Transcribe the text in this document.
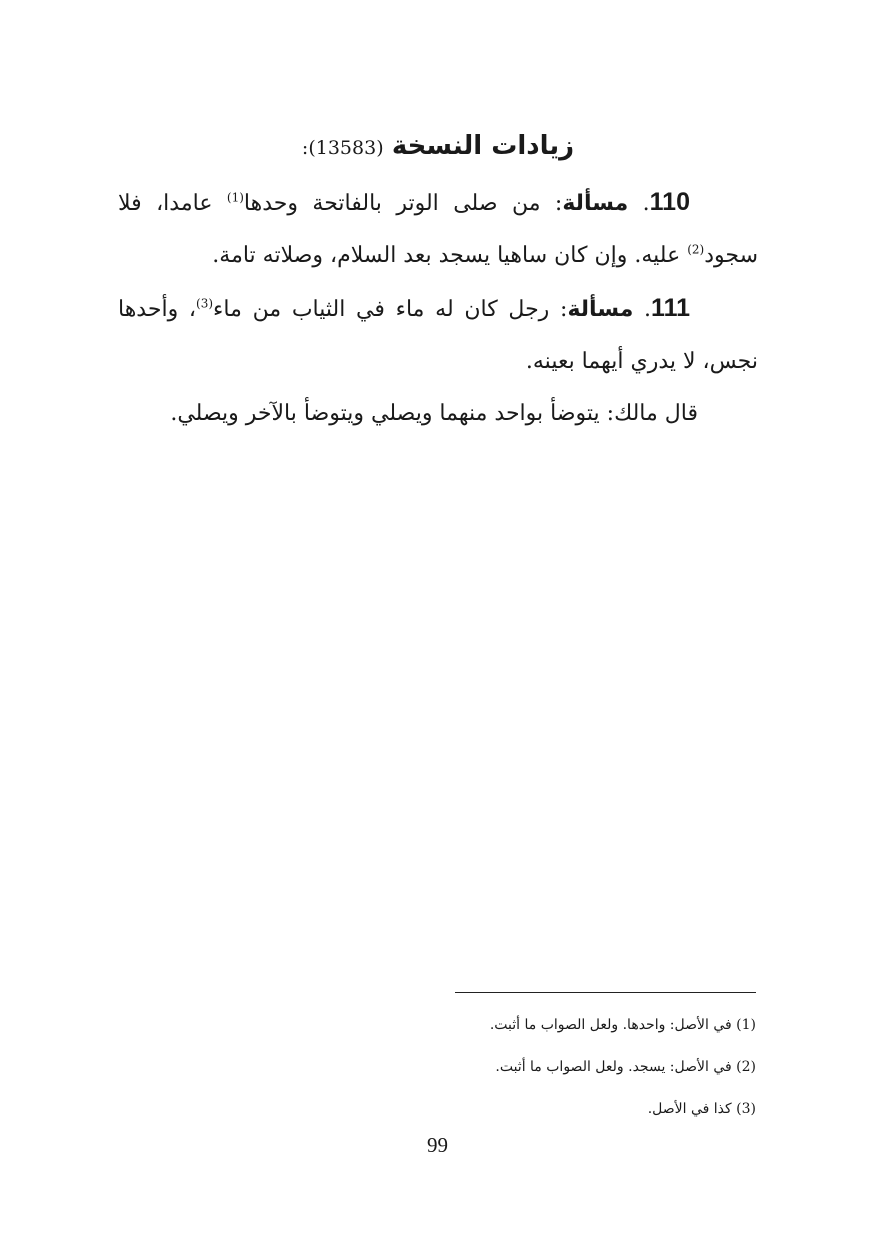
زيادات النسخة (13583):

110. مسألة: من صلى الوتر بالفاتحة وحدها$^{(1)}$ عامدا، فلا سجود$^{(2)}$ عليه. وإن كان ساهيا يسجد بعد السلام، وصلاته تامة.

111. مسألة: رجل كان له ماء في الثياب من ماء$^{(3)}$، وأحدها نجس، لا يدري أيهما بعينه.

قال مالك: يتوضأ بواحد منهما ويصلي ويتوضأ بالآخر ويصلي.

(1) في الأصل: واحدها. ولعل الصواب ما أثبت.
(2) في الأصل: يسجد. ولعل الصواب ما أثبت.
(3) كذا في الأصل.
99
